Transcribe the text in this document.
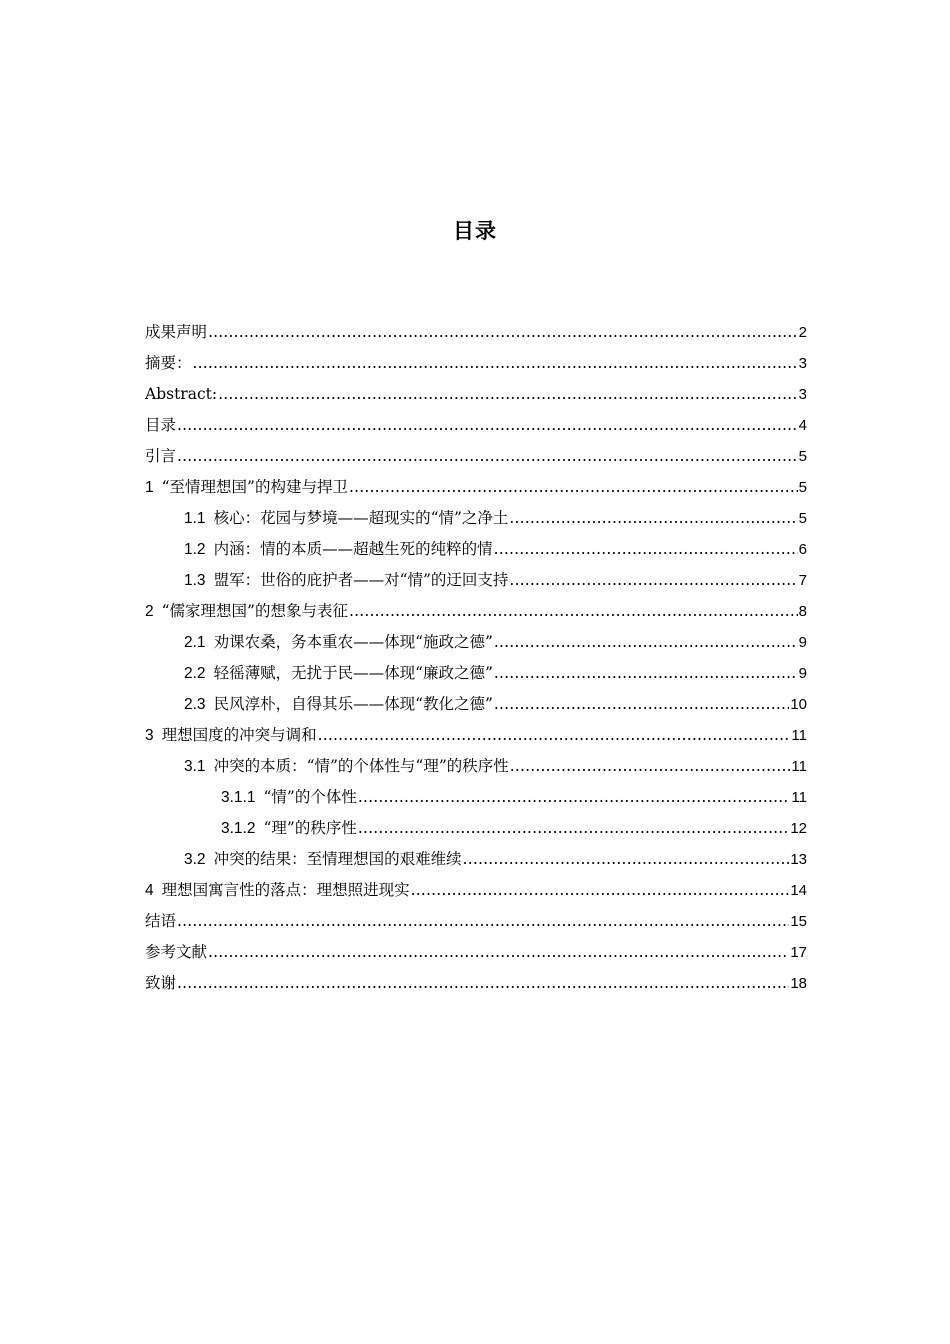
目录
成果声明 .....	2
摘要： .....	3
Abstract: .....	3
目录 .....	4
引言 .....	5
1 “至情理想国”的构建与捍卫 .....	5
1.1 核心：花园与梦境——超现实的“情”之净土 .....	5
1.2 内涵：情的本质——超越生死的纯粹的情 .....	6
1.3 盟军：世俗的庇护者——对“情”的迂回支持 .....	7
2 “儒家理想国”的想象与表征 .....	8
2.1 劝课农桑，务本重农——体现“施政之德” .....	9
2.2 轻徭薄赋，无扰于民——体现“廉政之德” .....	9
2.3 民风淳朴，自得其乐——体现“教化之德” .....	10
3 理想国度的冲突与调和 .....	11
3.1 冲突的本质：“情”的个体性与“理”的秩序性 .....	11
3.1.1 “情”的个体性 .....	11
3.1.2 “理”的秩序性 .....	12
3.2 冲突的结果：至情理想国的艰难维续 .....	13
4 理想国寓言性的落点：理想照进现实 .....	14
结语 .....	15
参考文献 .....	17
致谢 .....	18
